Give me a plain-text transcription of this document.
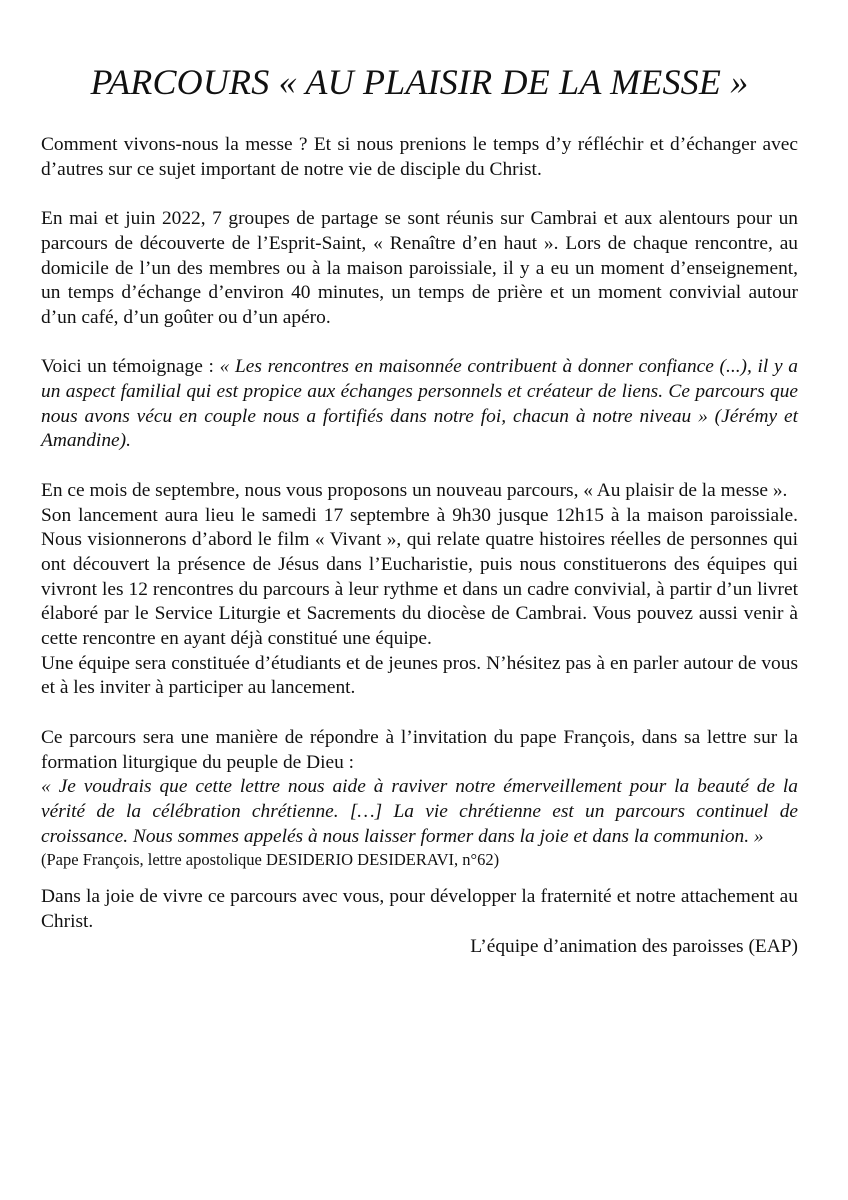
PARCOURS « AU PLAISIR DE LA MESSE »

Comment vivons-nous la messe ? Et si nous prenions le temps d’y réfléchir et d’échanger avec d’autres sur ce sujet important de notre vie de disciple du Christ.

En mai et juin 2022, 7 groupes de partage se sont réunis sur Cambrai et aux alentours pour un parcours de découverte de l’Esprit-Saint, « Renaître d’en haut ». Lors de chaque rencontre, au domicile de l’un des membres ou à la maison paroissiale, il y a eu un moment d’enseignement, un temps d’échange d’environ 40 minutes, un temps de prière et un moment convivial autour d’un café, d’un goûter ou d’un apéro.

Voici un témoignage : « Les rencontres en maisonnée contribuent à donner confiance (...), il y a un aspect familial qui est propice aux échanges personnels et créateur de liens. Ce parcours que nous avons vécu en couple nous a fortifiés dans notre foi, chacun à notre niveau » (Jérémy et Amandine).

En ce mois de septembre, nous vous proposons un nouveau parcours, « Au plaisir de la messe ».

Son lancement aura lieu le samedi 17 septembre à 9h30 jusque 12h15 à la maison paroissiale. Nous visionnerons d’abord le film « Vivant », qui relate quatre histoires réelles de personnes qui ont découvert la présence de Jésus dans l’Eucharistie, puis nous constituerons des équipes qui vivront les 12 rencontres du parcours à leur rythme et dans un cadre convivial, à partir d’un livret élaboré par le Service Liturgie et Sacrements du diocèse de Cambrai. Vous pouvez aussi venir à cette rencontre en ayant déjà constitué une équipe.

Une équipe sera constituée d’étudiants et de jeunes pros. N’hésitez pas à en parler autour de vous et à les inviter à participer au lancement.

Ce parcours sera une manière de répondre à l’invitation du pape François, dans sa lettre sur la formation liturgique du peuple de Dieu :

« Je voudrais que cette lettre nous aide à raviver notre émerveillement pour la beauté de la vérité de la célébration chrétienne. […] La vie chrétienne est un parcours continuel de croissance. Nous sommes appelés à nous laisser former dans la joie et dans la communion. »

(Pape François, lettre apostolique DESIDERIO DESIDERAVI, n°62)

Dans la joie de vivre ce parcours avec vous, pour développer la fraternité et notre attachement au Christ.

L’équipe d’animation des paroisses (EAP)
